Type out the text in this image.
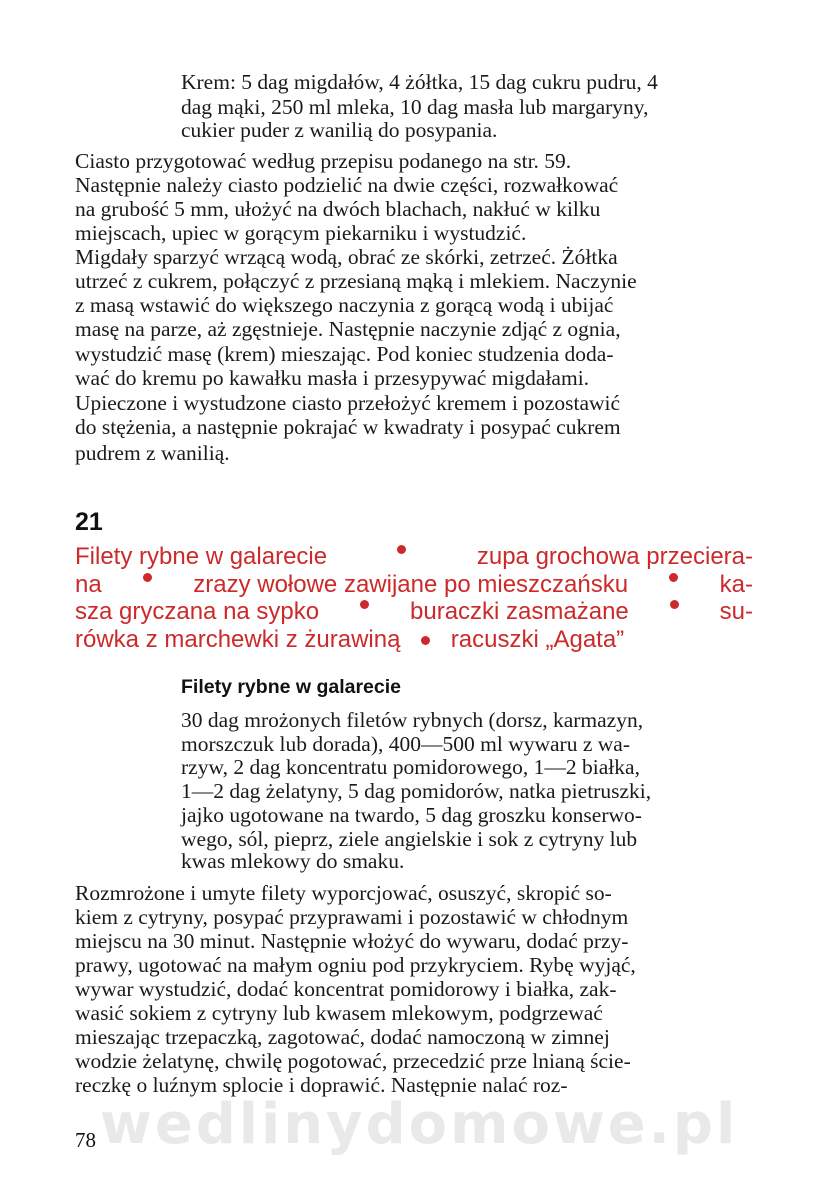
Krem: 5 dag migdałów, 4 żółtka, 15 dag cukru pudru, 4
dag mąki, 250 ml mleka, 10 dag masła lub margaryny,
cukier puder z wanilią do posypania.
Ciasto przygotować według przepisu podanego na str. 59.
Następnie należy ciasto podzielić na dwie części, rozwałkować
na grubość 5 mm, ułożyć na dwóch blachach, nakłuć w kilku
miejscach, upiec w gorącym piekarniku i wystudzić.
Migdały sparzyć wrzącą wodą, obrać ze skórki, zetrzeć. Żółtka
utrzeć z cukrem, połączyć z przesianą mąką i mlekiem. Naczynie
z masą wstawić do większego naczynia z gorącą wodą i ubijać
masę na parze, aż zgęstnieje. Następnie naczynie zdjąć z ognia,
wystudzić masę (krem) mieszając. Pod koniec studzenia doda-
wać do kremu po kawałku masła i przesypywać migdałami.
Upieczone i wystudzone ciasto przełożyć kremem i pozostawić
do stężenia, a następnie pokrajać w kwadraty i posypać cukrem
pudrem z wanilią.
21
Filety rybne w galarecie	zupa grochowa przeciera-
na	zrazy wołowe zawijane po mieszczańsku	ka-
sza gryczana na sypko	buraczki zasmażane	su-
rówka z marchewki z żurawiną racuszki „Agata”
Filety rybne w galarecie
30 dag mrożonych filetów rybnych (dorsz, karmazyn,
morszczuk lub dorada), 400—500 ml wywaru z wa-
rzyw, 2 dag koncentratu pomidorowego, 1—2 białka,
1—2 dag żelatyny, 5 dag pomidorów, natka pietruszki,
jajko ugotowane na twardo, 5 dag groszku konserwo-
wego, sól, pieprz, ziele angielskie i sok z cytryny lub
kwas mlekowy do smaku.
Rozmrożone i umyte filety wyporcjować, osuszyć, skropić so-
kiem z cytryny, posypać przyprawami i pozostawić w chłodnym
miejscu na 30 minut. Następnie włożyć do wywaru, dodać przy-
prawy, ugotować na małym ogniu pod przykryciem. Rybę wyjąć,
wywar wystudzić, dodać koncentrat pomidorowy i białka, zak-
wasić sokiem z cytryny lub kwasem mlekowym, podgrzewać
mieszając trzepaczką, zagotować, dodać namoczoną w zimnej
wodzie żelatynę, chwilę pogotować, przecedzić prze lnianą ście-
reczkę o luźnym splocie i doprawić. Następnie nalać roz-
wedlinydomowe.pl
78
